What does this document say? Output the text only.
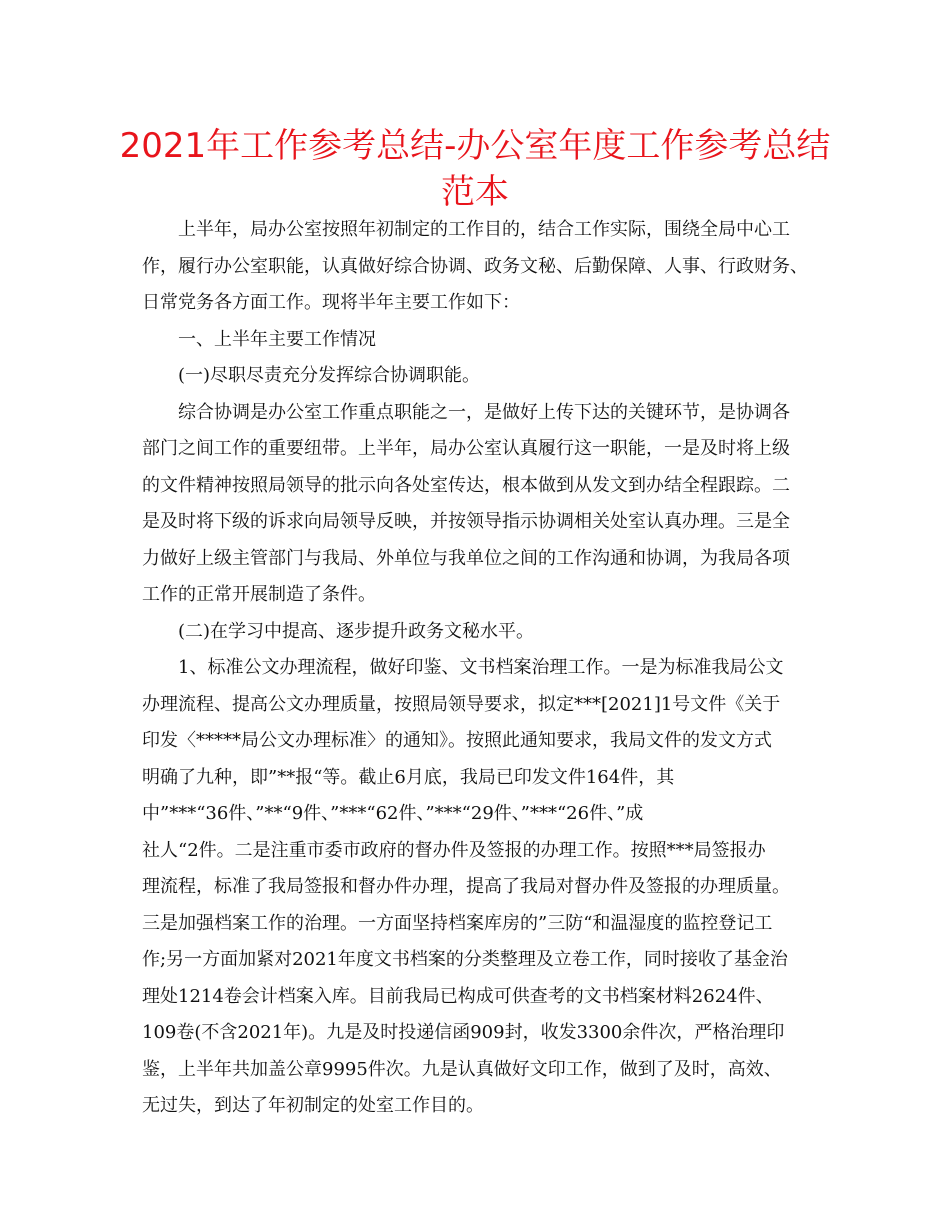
2021年工作参考总结-办公室年度工作参考总结
范本

上半年，局办公室按照年初制定的工作目的，结合工作实际，围绕全局中心工

作，履行办公室职能，认真做好综合协调、政务文秘、后勤保障、人事、行政财务、

日常党务各方面工作。现将半年主要工作如下：

一、上半年主要工作情况

(一)尽职尽责充分发挥综合协调职能。

综合协调是办公室工作重点职能之一，是做好上传下达的关键环节，是协调各

部门之间工作的重要纽带。上半年，局办公室认真履行这一职能，一是及时将上级

的文件精神按照局领导的批示向各处室传达，根本做到从发文到办结全程跟踪。二

是及时将下级的诉求向局领导反映，并按领导指示协调相关处室认真办理。三是全

力做好上级主管部门与我局、外单位与我单位之间的工作沟通和协调，为我局各项

工作的正常开展制造了条件。

(二)在学习中提高、逐步提升政务文秘水平。

1、标准公文办理流程，做好印鉴、文书档案治理工作。一是为标准我局公文

办理流程、提高公文办理质量，按照局领导要求，拟定***[2021]1号文件《关于

印发〈*****局公文办理标准〉的通知》。按照此通知要求，我局文件的发文方式

明确了九种，即”**报“等。截止6月底，我局已印发文件164件，其

中”***“36件、”**“9件、”***“62件、”***“29件、”***“26件、”成

社人“2件。二是注重市委市政府的督办件及签报的办理工作。按照***局签报办

理流程，标准了我局签报和督办件办理，提高了我局对督办件及签报的办理质量。

三是加强档案工作的治理。一方面坚持档案库房的”三防“和温湿度的监控登记工

作;另一方面加紧对2021年度文书档案的分类整理及立卷工作，同时接收了基金治

理处1214卷会计档案入库。目前我局已构成可供查考的文书档案材料2624件、

109卷(不含2021年)。九是及时投递信函909封，收发3300余件次，严格治理印

鉴，上半年共加盖公章9995件次。九是认真做好文印工作，做到了及时，高效、

无过失，到达了年初制定的处室工作目的。
